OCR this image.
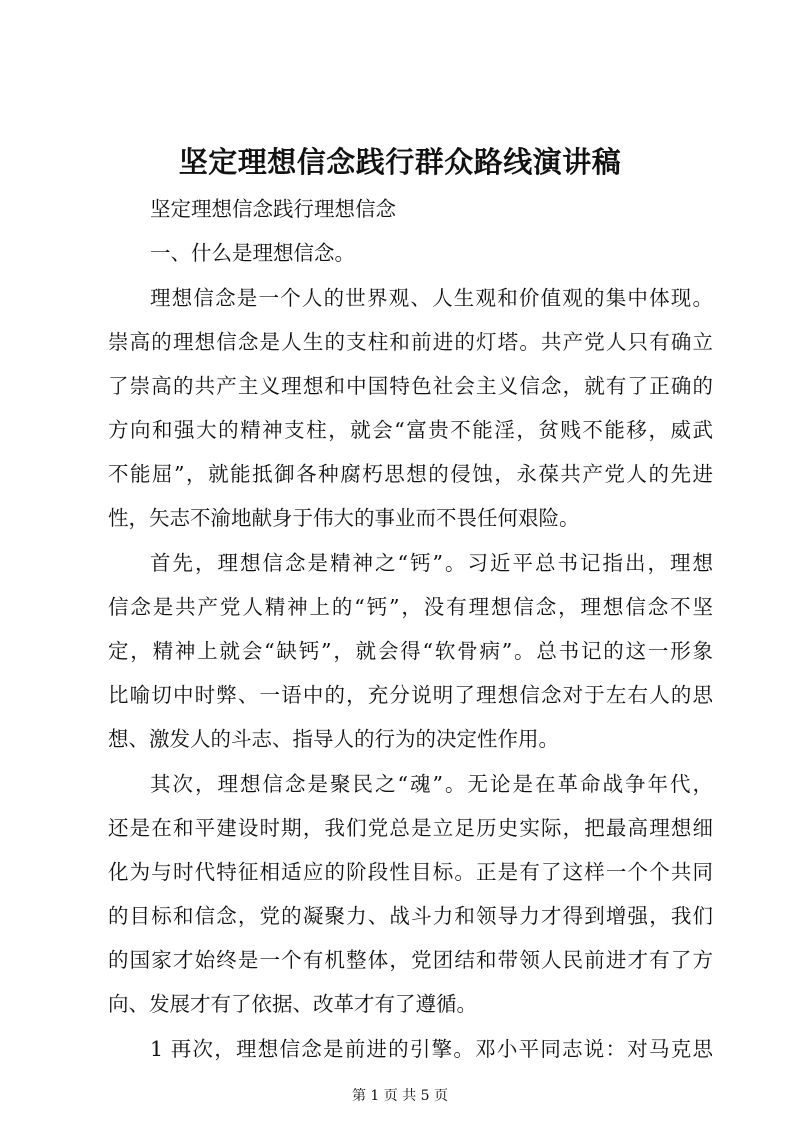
坚定理想信念践行群众路线演讲稿
坚定理想信念践行理想信念
一、什么是理想信念。
理想信念是一个人的世界观、人生观和价值观的集中体现。
崇高的理想信念是人生的支柱和前进的灯塔。共产党人只有确立
了崇高的共产主义理想和中国特色社会主义信念，就有了正确的
方向和强大的精神支柱，就会“富贵不能淫，贫贱不能移，威武
不能屈”，就能抵御各种腐朽思想的侵蚀，永葆共产党人的先进
性，矢志不渝地献身于伟大的事业而不畏任何艰险。
首先，理想信念是精神之“钙”。习近平总书记指出，理想
信念是共产党人精神上的“钙”，没有理想信念，理想信念不坚
定，精神上就会“缺钙”，就会得“软骨病”。总书记的这一形象
比喻切中时弊、一语中的，充分说明了理想信念对于左右人的思
想、激发人的斗志、指导人的行为的决定性作用。
其次，理想信念是聚民之“魂”。无论是在革命战争年代，
还是在和平建设时期，我们党总是立足历史实际，把最高理想细
化为与时代特征相适应的阶段性目标。正是有了这样一个个共同
的目标和信念，党的凝聚力、战斗力和领导力才得到增强，我们
的国家才始终是一个有机整体，党团结和带领人民前进才有了方
向、发展才有了依据、改革才有了遵循。
1 再次，理想信念是前进的引擎。邓小平同志说：对马克思
第 1 页 共 5 页
